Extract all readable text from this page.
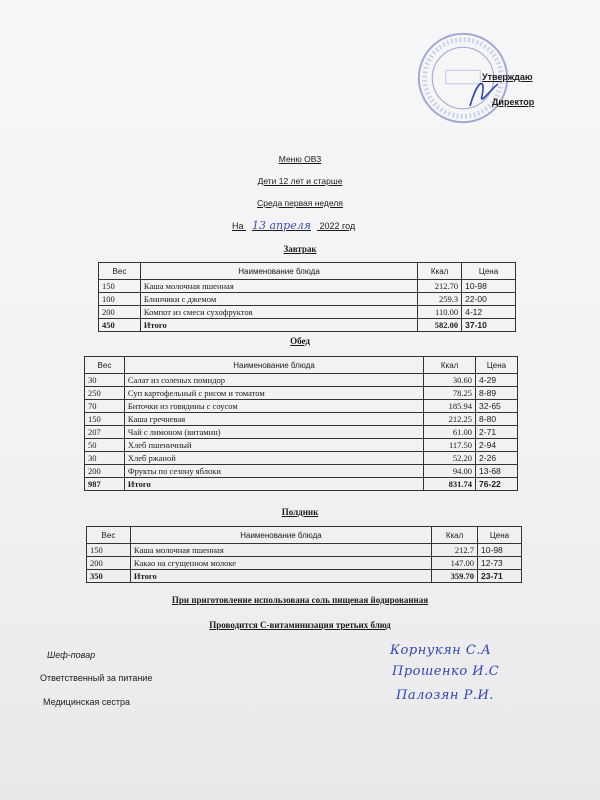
Утверждаю
Директор
Меню ОВЗ
Дети 12 лет и старше
Среда первая неделя
На 13 апреля 2022 год
Завтрак
Вес	Наименование блюда	Ккал	Цена
150	Каша молочная пшенная	212.70	10-98
100	Блинчики с джемом	259.3	22-00
200	Компот из смеси сухофруктов	110.00	4-12
450	Итого	582.00	37-10
Обед
Вес	Наименование блюда	Ккал	Цена
30	Салат из соленых помидор	30.60	4-29
250	Суп картофельный с рисом и томатом	78.25	8-89
70	Биточки из говядины с соусом	185.94	32-65
150	Каша гречневая	212.25	8-80
207	Чай с лимоном (витамин)	61.00	2-71
50	Хлеб пшеничный	117.50	2-94
30	Хлеб ржаной	52.20	2-26
200	Фрукты по сезону яблоки	94.00	13-68
987	Итого	831.74	76-22
Полдник
Вес	Наименование блюда	Ккал	Цена
150	Каша молочная пшенная	212.7	10-98
200	Какао на сгущенном молоке	147.00	12-73
350	Итого	359.70	23-71
При приготовление использована соль пищевая йодированная
Проводится С-витаминизация третьих блюд
Шеф-повар	Корнукян С.А
Ответственный за питание	Прошенко И.С
Медицинская сестра	Палозян Р.И.
